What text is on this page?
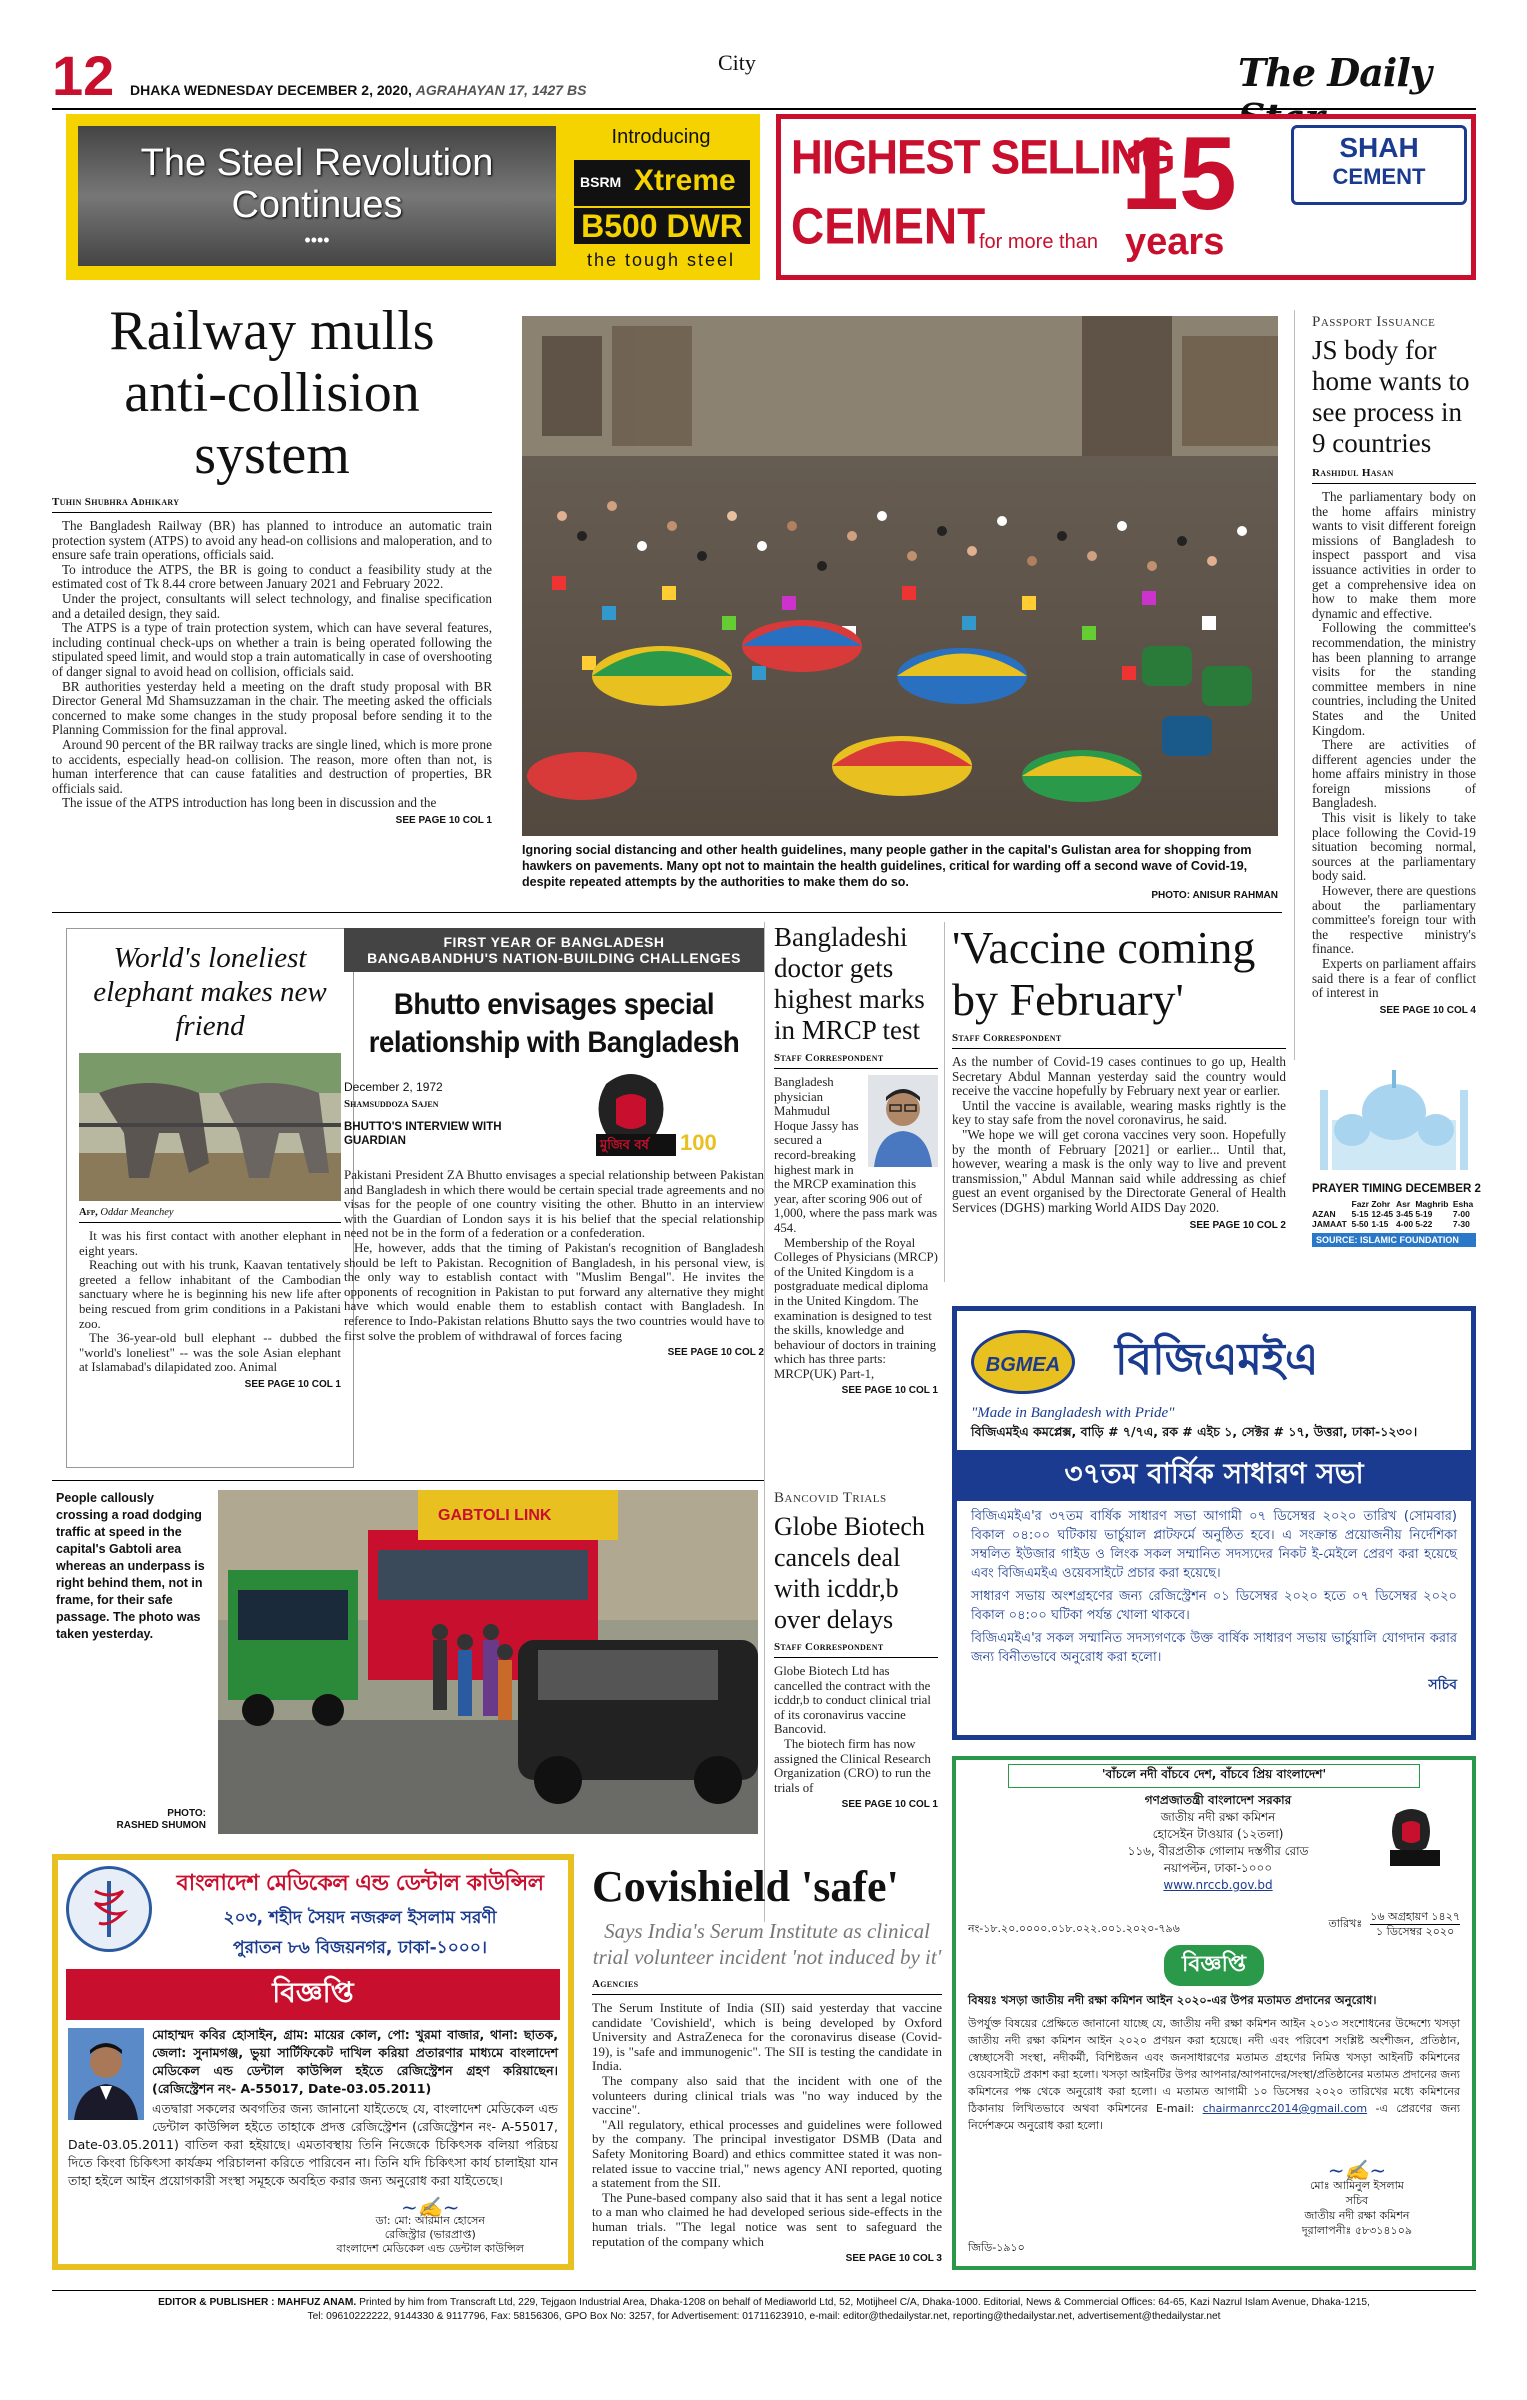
12 DHAKA WEDNESDAY DECEMBER 2, 2020, AGRAHAYAN 17, 1427 BS
City	The Daily
The Steel Revolution Continues
••••
Introducing
BSRM Xtreme
B500 DWR
the tough steel
HIGHEST SELLING
CEMENT
for more than
15
years
SHAH
CEMENT
Railway mulls anti-collision system
Tuhin Shubhra Adhikary

The Bangladesh Railway (BR) has planned to introduce an automatic train protection system (ATPS) to avoid any head-on collisions and maloperation, and to ensure safe train operations, officials said.

To introduce the ATPS, the BR is going to conduct a feasibility study at the estimated cost of Tk 8.44 crore between January 2021 and February 2022.

Under the project, consultants will select technology, and finalise specification and a detailed design, they said.

The ATPS is a type of train protection system, which can have several features, including continual check-ups on whether a train is being operated following the stipulated speed limit, and would stop a train automatically in case of overshooting of danger signal to avoid head on collision, officials said.

BR authorities yesterday held a meeting on the draft study proposal with BR Director General Md Shamsuzzaman in the chair. The meeting asked the officials concerned to make some changes in the study proposal before sending it to the Planning Commission for the final approval.

Around 90 percent of the BR railway tracks are single lined, which is more prone to accidents, especially head-on collision. The reason, more often than not, is human interference that can cause fatalities and destruction of properties, BR officials said.

The issue of the ATPS introduction has long been in discussion and the

SEE PAGE 10 COL 1
Ignoring social distancing and other health guidelines, many people gather in the capital's Gulistan area for shopping from hawkers on pavements. Many opt not to maintain the health guidelines, critical for warding off a second wave of Covid-19, despite repeated attempts by the authorities to make them do so.
PHOTO: ANISUR RAHMAN
Passport Issuance
JS body for home wants to see process in 9 countries
Rashidul Hasan

The parliamentary body on the home affairs ministry wants to visit different foreign missions of Bangladesh to inspect passport and visa issuance activities in order to get a comprehensive idea on how to make them more dynamic and effective.

Following the committee's recommendation, the ministry has been planning to arrange visits for the standing committee members in nine countries, including the United States and the United Kingdom.

There are activities of different agencies under the home affairs ministry in those foreign missions of Bangladesh.

This visit is likely to take place following the Covid-19 situation becoming normal, sources at the parliamentary body said.

However, there are questions about the parliamentary committee's foreign tour with the respective ministry's finance.

Experts on parliament affairs said there is a fear of conflict of interest in

SEE PAGE 10 COL 4
PRAYER TIMING DECEMBER 2
	Fazr	Zohr	Asr	Maghrib	Esha
AZAN	5-15	12-45	3-45	5-19	7-00
JAMAAT	5-50	1-15	4-00	5-22	7-30
SOURCE: ISLAMIC FOUNDATION
World's loneliest elephant makes new friend
Afp, Oddar Meanchey

It was his first contact with another elephant in eight years.

Reaching out with his trunk, Kaavan tentatively greeted a fellow inhabitant of the Cambodian sanctuary where he is beginning his new life after being rescued from grim conditions in a Pakistani zoo.

The 36-year-old bull elephant -- dubbed the "world's loneliest" -- was the sole Asian elephant at Islamabad's dilapidated zoo. Animal

SEE PAGE 10 COL 1
FIRST YEAR OF BANGLADESH
BANGABANDHU'S NATION-BUILDING CHALLENGES
Bhutto envisages special relationship with Bangladesh
December 2, 1972
Shamsuddoza Sajen
BHUTTO'S INTERVIEW WITH GUARDIAN	মুজিব বর্ষ 100

Pakistani President ZA Bhutto envisages a special relationship between Pakistan and Bangladesh in which there would be certain special trade agreements and no visas for the people of one country visiting the other. Bhutto in an interview with the Guardian of London says it is his belief that the special relationship need not be in the form of a federation or a confederation.

He, however, adds that the timing of Pakistan's recognition of Bangladesh should be left to Pakistan. Recognition of Bangladesh, in his personal view, is the only way to establish contact with "Muslim Bengal". He invites the opponents of recognition in Pakistan to put forward any alternative they might have which would enable them to establish contact with Bangladesh. In reference to Indo-Pakistan relations Bhutto says the two countries would have to first solve the problem of withdrawal of forces facing

SEE PAGE 10 COL 2
Bangladeshi doctor gets highest marks in MRCP test
Staff Correspondent

Bangladesh physician Mahmudul Hoque Jassy has secured a record-breaking highest mark in the MRCP examination this year, after scoring 906 out of 1,000, where the pass mark was 454.

Membership of the Royal Colleges of Physicians (MRCP) of the United Kingdom is a postgraduate medical diploma in the United Kingdom. The examination is designed to test the skills, knowledge and behaviour of doctors in training which has three parts: MRCP(UK) Part-1,

SEE PAGE 10 COL 1
'Vaccine coming by February'
Staff Correspondent

As the number of Covid-19 cases continues to go up, Health Secretary Abdul Mannan yesterday said the country would receive the vaccine hopefully by February next year or earlier.

Until the vaccine is available, wearing masks rightly is the key to stay safe from the novel coronavirus, he said.

"We hope we will get corona vaccines very soon. Hopefully by the month of February [2021] or earlier... Until that, however, wearing a mask is the only way to live and prevent transmission," Abdul Mannan said while addressing as chief guest an event organised by the Directorate General of Health Services (DGHS) marking World AIDS Day 2020.

SEE PAGE 10 COL 2
BGMEA	বিজিএমইএ
"Made in Bangladesh with Pride"
বিজিএমইএ কমপ্লেক্স, বাড়ি # ৭/৭এ, রক # এইচ ১, সেক্টর # ১৭, উত্তরা, ঢাকা-১২৩০।
৩৭তম বার্ষিক সাধারণ সভা
বিজিএমইএ'র ৩৭তম বার্ষিক সাধারণ সভা আগামী ০৭ ডিসেম্বর ২০২০ তারিখ (সোমবার) বিকাল ০৪:০০ ঘটিকায় ভার্চুয়াল প্লাটফর্মে অনুষ্ঠিত হবে। এ সংক্রান্ত প্রয়োজনীয় নির্দেশিকা সম্বলিত ইউজার গাইড ও লিংক সকল সম্মানিত সদস্যদের নিকট ই-মেইলে প্রেরণ করা হয়েছে এবং বিজিএমইএ ওয়েবসাইটে প্রচার করা হয়েছে।
সাধারণ সভায় অংশগ্রহণের জন্য রেজিস্ট্রেশন ০১ ডিসেম্বর ২০২০ হতে ০৭ ডিসেম্বর ২০২০ বিকাল ০৪:০০ ঘটিকা পর্যন্ত খোলা থাকবে।
বিজিএমইএ'র সকল সম্মানিত সদস্যগণকে উক্ত বার্ষিক সাধারণ সভায় ভার্চুয়ালি যোগদান করার জন্য বিনীতভাবে অনুরোধ করা হলো।
সচিব
People callously crossing a road dodging traffic at speed in the capital's Gabtoli area whereas an underpass is right behind them, not in frame, for their safe passage. The photo was taken yesterday.
PHOTO:
RASHED SHUMON
GABTOLI LINK
Bancovid Trials
Globe Biotech cancels deal with icddr,b over delays
Staff Correspondent

Globe Biotech Ltd has cancelled the contract with the icddr,b to conduct clinical trial of its coronavirus vaccine Bancovid.

The biotech firm has now assigned the Clinical Research Organization (CRO) to run the trials of

SEE PAGE 10 COL 1
বাংলাদেশ মেডিকেল এন্ড ডেন্টাল কাউন্সিল
২০৩, শহীদ সৈয়দ নজরুল ইসলাম সরণী
পুরাতন ৮৬ বিজয়নগর, ঢাকা-১০০০।
বিজ্ঞপ্তি
মোহাম্মদ কবির হোসাইন, গ্রাম: মায়ের কোল, পো: খুরমা বাজার, থানা: ছাতক, জেলা: সুনামগঞ্জ, ভুয়া সার্টিফিকেট দাখিল করিয়া প্রতারণার মাধ্যমে বাংলাদেশ মেডিকেল এন্ড ডেন্টাল কাউন্সিল হইতে রেজিস্ট্রেশন গ্রহণ করিয়াছেন। (রেজিস্ট্রেশন নং- A-55017, Date-03.05.2011)
এতদ্বারা সকলের অবগতির জন্য জানানো যাইতেছে যে, বাংলাদেশ মেডিকেল এন্ড ডেন্টাল কাউন্সিল হইতে তাহাকে প্রদত্ত রেজিস্ট্রেশন (রেজিস্ট্রেশন নং- A-55017, Date-03.05.2011) বাতিল করা হইয়াছে। এমতাবস্থায় তিনি নিজেকে চিকিৎসক বলিয়া পরিচয় দিতে কিংবা চিকিৎসা কার্যক্রম পরিচালনা করিতে পারিবেন না। তিনি যদি চিকিৎসা কার্য চালাইয়া যান তাহা হইলে আইন প্রয়োগকারী সংস্থা সমূহকে অবহিত করার জন্য অনুরোধ করা যাইতেছে।
~✍~
ডা: মো: আরমান হোসেন
রেজিস্ট্রার (ভারপ্রাপ্ত)
বাংলাদেশ মেডিকেল এন্ড ডেন্টাল কাউন্সিল
Covishield 'safe'
Says India's Serum Institute as clinical trial volunteer incident 'not induced by it'
Agencies

The Serum Institute of India (SII) said yesterday that vaccine candidate 'Covishield', which is being developed by Oxford University and AstraZeneca for the coronavirus disease (Covid-19), is "safe and immunogenic". The SII is testing the candidate in India.

The company also said that the incident with one of the volunteers during clinical trials was "no way induced by the vaccine".

"All regulatory, ethical processes and guidelines were followed by the company. The principal investigator DSMB (Data and Safety Monitoring Board) and ethics committee stated it was non-related issue to vaccine trial," news agency ANI reported, quoting a statement from the SII.

The Pune-based company also said that it has sent a legal notice to a man who claimed he had developed serious side-effects in the human trials. "The legal notice was sent to safeguard the reputation of the company which

SEE PAGE 10 COL 3
'বাঁচলে নদী বাঁচবে দেশ, বাঁচবে প্রিয় বাংলাদেশ'
গণপ্রজাতন্ত্রী বাংলাদেশ সরকার
জাতীয় নদী রক্ষা কমিশন
হোসেইন টাওয়ার (১২তলা)
১১৬, বীরপ্রতীক গোলাম দস্তগীর রোড
নয়াপল্টন, ঢাকা-১০০০
www.nrccb.gov.bd
নং-১৮.২০.০০০০.০১৮.০২২.০০১.২০২০-৭৯৬	তারিখঃ
১৬ অগ্রহায়ণ ১৪২৭
১ ডিসেম্বর ২০২০
বিজ্ঞপ্তি
বিষয়ঃ খসড়া জাতীয় নদী রক্ষা কমিশন আইন ২০২০-এর উপর মতামত প্রদানের অনুরোধ।
উপর্যুক্ত বিষয়ের প্রেক্ষিতে জানানো যাচ্ছে যে, জাতীয় নদী রক্ষা কমিশন আইন ২০১৩ সংশোধনের উদ্দেশ্যে খসড়া জাতীয় নদী রক্ষা কমিশন আইন ২০২০ প্রণয়ন করা হয়েছে। নদী এবং পরিবেশ সংশ্লিষ্ট অংশীজন, প্রতিষ্ঠান, স্বেচ্ছাসেবী সংস্থা, নদীকর্মী, বিশিষ্টজন এবং জনসাধারণের মতামত গ্রহণের নিমিত্ত খসড়া আইনটি কমিশনের ওয়েবসাইটে প্রকাশ করা হলো। খসড়া আইনটির উপর আপনার/আপনাদের/সংস্থা/প্রতিষ্ঠানের মতামত প্রদানের জন্য কমিশনের পক্ষ থেকে অনুরোধ করা হলো। এ মতামত আগামী ১০ ডিসেম্বর ২০২০ তারিখের মধ্যে কমিশনের ঠিকানায় লিখিতভাবে অথবা কমিশনের E-mail: chairmanrcc2014@gmail.com -এ প্রেরণের জন্য নির্দেশক্রমে অনুরোধ করা হলো।
~✍~
মোঃ আমিনুল ইসলাম
সচিব
জাতীয় নদী রক্ষা কমিশন
দূরালাপনীঃ ৫৮৩১৪১০৯
জিডি-১৯১০
EDITOR & PUBLISHER : MAHFUZ ANAM. Printed by him from Transcraft Ltd, 229, Tejgaon Industrial Area, Dhaka-1208 on behalf of Mediaworld Ltd, 52, Motijheel C/A, Dhaka-1000. Editorial, News & Commercial Offices: 64-65, Kazi Nazrul Islam Avenue, Dhaka-1215,
Tel: 09610222222, 9144330 & 9117796, Fax: 58156306, GPO Box No: 3257, for Advertisement: 01711623910, e-mail: editor@thedailystar.net, reporting@thedailystar.net, advertisement@thedailystar.net
